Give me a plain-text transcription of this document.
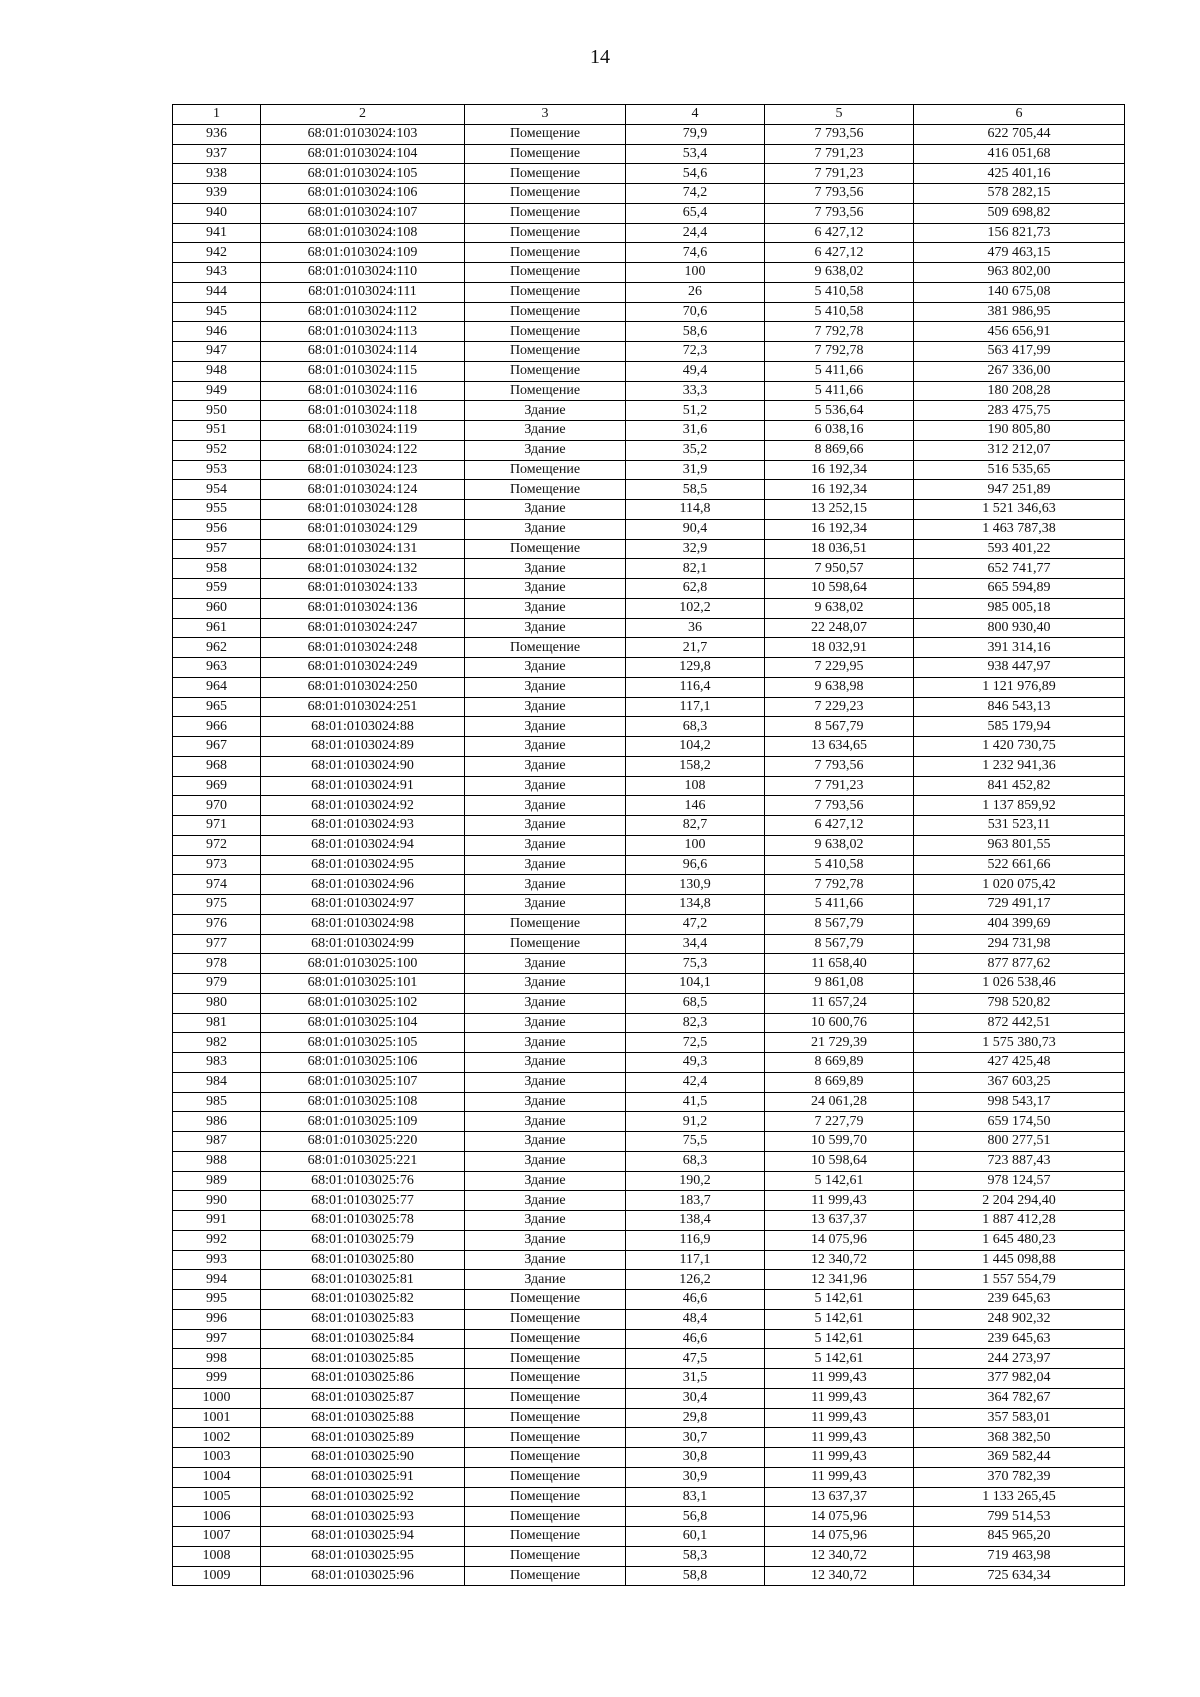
14
1	2	3	4	5	6
936	68:01:0103024:103	Помещение	79,9	7 793,56	622 705,44
937	68:01:0103024:104	Помещение	53,4	7 791,23	416 051,68
938	68:01:0103024:105	Помещение	54,6	7 791,23	425 401,16
939	68:01:0103024:106	Помещение	74,2	7 793,56	578 282,15
940	68:01:0103024:107	Помещение	65,4	7 793,56	509 698,82
941	68:01:0103024:108	Помещение	24,4	6 427,12	156 821,73
942	68:01:0103024:109	Помещение	74,6	6 427,12	479 463,15
943	68:01:0103024:110	Помещение	100	9 638,02	963 802,00
944	68:01:0103024:111	Помещение	26	5 410,58	140 675,08
945	68:01:0103024:112	Помещение	70,6	5 410,58	381 986,95
946	68:01:0103024:113	Помещение	58,6	7 792,78	456 656,91
947	68:01:0103024:114	Помещение	72,3	7 792,78	563 417,99
948	68:01:0103024:115	Помещение	49,4	5 411,66	267 336,00
949	68:01:0103024:116	Помещение	33,3	5 411,66	180 208,28
950	68:01:0103024:118	Здание	51,2	5 536,64	283 475,75
951	68:01:0103024:119	Здание	31,6	6 038,16	190 805,80
952	68:01:0103024:122	Здание	35,2	8 869,66	312 212,07
953	68:01:0103024:123	Помещение	31,9	16 192,34	516 535,65
954	68:01:0103024:124	Помещение	58,5	16 192,34	947 251,89
955	68:01:0103024:128	Здание	114,8	13 252,15	1 521 346,63
956	68:01:0103024:129	Здание	90,4	16 192,34	1 463 787,38
957	68:01:0103024:131	Помещение	32,9	18 036,51	593 401,22
958	68:01:0103024:132	Здание	82,1	7 950,57	652 741,77
959	68:01:0103024:133	Здание	62,8	10 598,64	665 594,89
960	68:01:0103024:136	Здание	102,2	9 638,02	985 005,18
961	68:01:0103024:247	Здание	36	22 248,07	800 930,40
962	68:01:0103024:248	Помещение	21,7	18 032,91	391 314,16
963	68:01:0103024:249	Здание	129,8	7 229,95	938 447,97
964	68:01:0103024:250	Здание	116,4	9 638,98	1 121 976,89
965	68:01:0103024:251	Здание	117,1	7 229,23	846 543,13
966	68:01:0103024:88	Здание	68,3	8 567,79	585 179,94
967	68:01:0103024:89	Здание	104,2	13 634,65	1 420 730,75
968	68:01:0103024:90	Здание	158,2	7 793,56	1 232 941,36
969	68:01:0103024:91	Здание	108	7 791,23	841 452,82
970	68:01:0103024:92	Здание	146	7 793,56	1 137 859,92
971	68:01:0103024:93	Здание	82,7	6 427,12	531 523,11
972	68:01:0103024:94	Здание	100	9 638,02	963 801,55
973	68:01:0103024:95	Здание	96,6	5 410,58	522 661,66
974	68:01:0103024:96	Здание	130,9	7 792,78	1 020 075,42
975	68:01:0103024:97	Здание	134,8	5 411,66	729 491,17
976	68:01:0103024:98	Помещение	47,2	8 567,79	404 399,69
977	68:01:0103024:99	Помещение	34,4	8 567,79	294 731,98
978	68:01:0103025:100	Здание	75,3	11 658,40	877 877,62
979	68:01:0103025:101	Здание	104,1	9 861,08	1 026 538,46
980	68:01:0103025:102	Здание	68,5	11 657,24	798 520,82
981	68:01:0103025:104	Здание	82,3	10 600,76	872 442,51
982	68:01:0103025:105	Здание	72,5	21 729,39	1 575 380,73
983	68:01:0103025:106	Здание	49,3	8 669,89	427 425,48
984	68:01:0103025:107	Здание	42,4	8 669,89	367 603,25
985	68:01:0103025:108	Здание	41,5	24 061,28	998 543,17
986	68:01:0103025:109	Здание	91,2	7 227,79	659 174,50
987	68:01:0103025:220	Здание	75,5	10 599,70	800 277,51
988	68:01:0103025:221	Здание	68,3	10 598,64	723 887,43
989	68:01:0103025:76	Здание	190,2	5 142,61	978 124,57
990	68:01:0103025:77	Здание	183,7	11 999,43	2 204 294,40
991	68:01:0103025:78	Здание	138,4	13 637,37	1 887 412,28
992	68:01:0103025:79	Здание	116,9	14 075,96	1 645 480,23
993	68:01:0103025:80	Здание	117,1	12 340,72	1 445 098,88
994	68:01:0103025:81	Здание	126,2	12 341,96	1 557 554,79
995	68:01:0103025:82	Помещение	46,6	5 142,61	239 645,63
996	68:01:0103025:83	Помещение	48,4	5 142,61	248 902,32
997	68:01:0103025:84	Помещение	46,6	5 142,61	239 645,63
998	68:01:0103025:85	Помещение	47,5	5 142,61	244 273,97
999	68:01:0103025:86	Помещение	31,5	11 999,43	377 982,04
1000	68:01:0103025:87	Помещение	30,4	11 999,43	364 782,67
1001	68:01:0103025:88	Помещение	29,8	11 999,43	357 583,01
1002	68:01:0103025:89	Помещение	30,7	11 999,43	368 382,50
1003	68:01:0103025:90	Помещение	30,8	11 999,43	369 582,44
1004	68:01:0103025:91	Помещение	30,9	11 999,43	370 782,39
1005	68:01:0103025:92	Помещение	83,1	13 637,37	1 133 265,45
1006	68:01:0103025:93	Помещение	56,8	14 075,96	799 514,53
1007	68:01:0103025:94	Помещение	60,1	14 075,96	845 965,20
1008	68:01:0103025:95	Помещение	58,3	12 340,72	719 463,98
1009	68:01:0103025:96	Помещение	58,8	12 340,72	725 634,34
